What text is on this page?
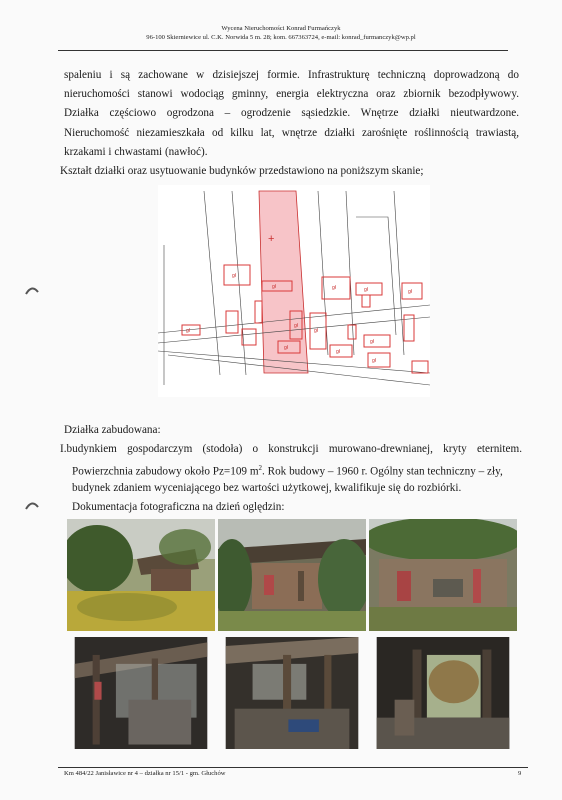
Wycena Nieruchomości Konrad Furmańczyk
96-100 Skierniewice ul. C.K. Norwida 5 m. 28; kom. 667363724, e-mail: konrad_furmanczyk@wp.pl

spaleniu i są zachowane w dzisiejszej formie. Infrastrukturę techniczną doprowadzoną do

nieruchomości stanowi wodociąg gminny, energia elektryczna oraz zbiornik bezodpływowy.

Działka częściowo ogrodzona – ogrodzenie sąsiedzkie. Wnętrze działki nieutwardzone.

Nieruchomość niezamieszkała od kilku lat, wnętrze działki zarośnięte roślinnością trawiastą,

krzakami i chwastami (nawłoć).

Kształt działki oraz usytuowanie budynków przedstawiono na poniższym skanie;
+
gł
gł	gł	gł	gł
gł
gł
gł
gł
gł
gł
gł
Działka zabudowana:

I.budynkiem gospodarczym (stodoła) o konstrukcji murowano-drewnianej, kryty eternitem.

Powierzchnia zabudowy około Pz=109 $m^2$. Rok budowy – 1960 r. Ogólny stan techniczny – zły,
budynek zdaniem wyceniającego bez wartości użytkowej, kwalifikuje się do rozbiórki.
Dokumentacja fotograficzna na dzień oględzin:
Km 484/22 Janisławice nr 4 – działka nr 15/1 - gm. Głuchów	9
